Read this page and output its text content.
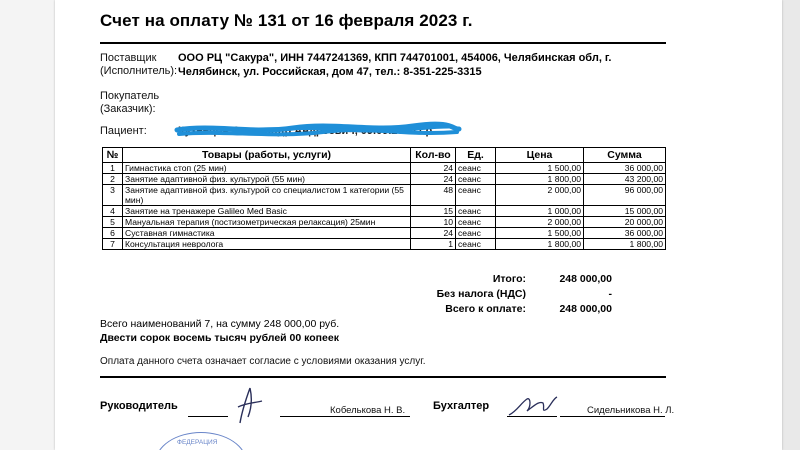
Счет на оплату № 131 от 16 февраля 2023 г.
Поставщик
(Исполнитель):
ООО РЦ "Сакура", ИНН 7447241369, КПП 744701001, 454006, Челябинская обл, г.
Челябинск, ул. Российская, дом 47, тел.: 8-351-225-3315
Покупатель
(Заказчик):
Пациент:	Кузнецов Александр Андреевич, 09.09.2010 г.р.
№	Товары (работы, услуги)	Кол-во	Ед.	Цена	Сумма
1	Гимнастика стоп (25 мин)	24	сеанс	1 500,00	36 000,00
2	Занятие адаптивной физ. культурой (55 мин)	24	сеанс	1 800,00	43 200,00
3	Занятие адаптивной физ. культурой со специалистом 1 категории (55 мин)	48	сеанс	2 000,00	96 000,00
4	Занятие на тренажере Galileo Med Basic	15	сеанс	1 000,00	15 000,00
5	Мануальная терапия (постизометрическая релаксация) 25мин	10	сеанс	2 000,00	20 000,00
6	Суставная гимнастика	24	сеанс	1 500,00	36 000,00
7	Консультация невролога	1	сеанс	1 800,00	1 800,00
Итого:	248 000,00
Без налога (НДС)	-
Всего к оплате:	248 000,00
Всего наименований 7, на сумму 248 000,00 руб.
Двести сорок восемь тысяч рублей 00 копеек
Оплата данного счета означает согласие с условиями оказания услуг.
Руководитель	Кобелькова Н. В.	Бухгалтер	Сидельникова Н. Л.
ФЕДЕРАЦИЯ
